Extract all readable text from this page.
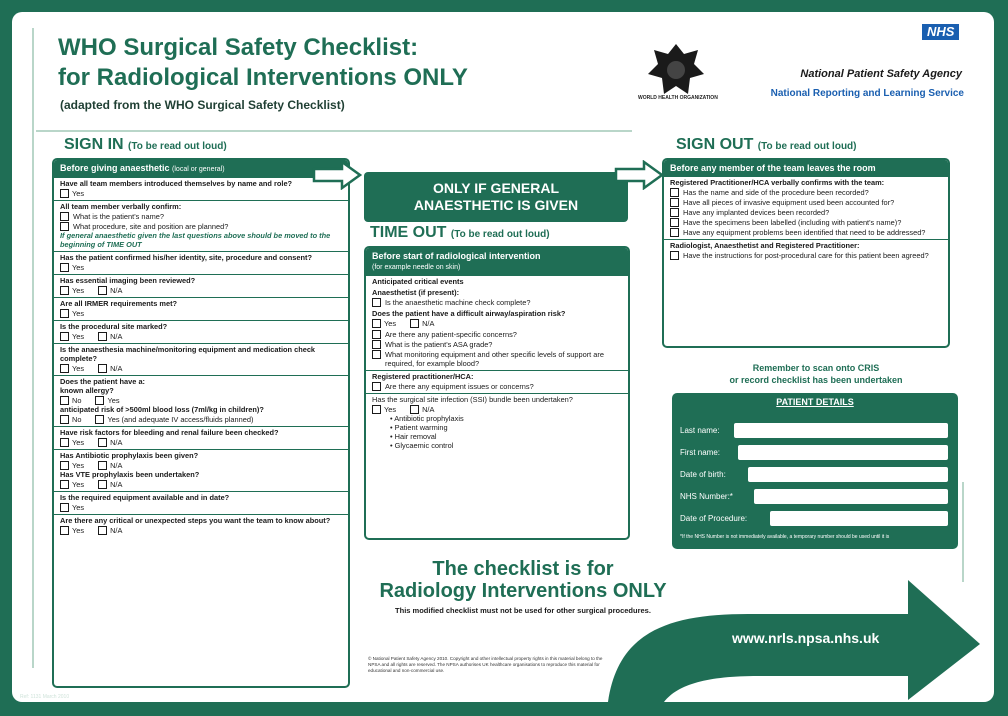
WHO Surgical Safety Checklist:
for Radiological Interventions ONLY
(adapted from the WHO Surgical Safety Checklist)	WORLD HEALTH ORGANIZATION
NHS
National Patient Safety Agency
National Reporting and Learning Service
SIGN IN (To be read out loud)
Before giving anaesthetic (local or general)
Have all team members introduced themselves by name and role?
Yes
All team member verbally confirm:
What is the patient's name?
What procedure, site and position are planned?
If general anaesthetic given the last questions above should be moved to the beginning of TIME OUT
Has the patient confirmed his/her identity, site, procedure and consent?
Yes
Has essential imaging been reviewed?
Yes	N/A
Are all IRMER requirements met?
Yes
Is the procedural site marked?
Yes	N/A
Is the anaesthesia machine/monitoring equipment and medication check complete?
Yes	N/A
Does the patient have a:
known allergy?
No	Yes
anticipated risk of >500ml blood loss (7ml/kg in children)?
No	Yes (and adequate IV access/fluids planned)
Have risk factors for bleeding and renal failure been checked?
Yes	N/A
Has Antibiotic prophylaxis been given?
Yes	N/A
Has VTE prophylaxis been undertaken?
Yes	N/A
Is the required equipment available and in date?
Yes
Are there any critical or unexpected steps you want the team to know about?
Yes	N/A
ONLY IF GENERAL
ANAESTHETIC IS GIVEN
TIME OUT (To be read out loud)
Before start of radiological intervention
(for example needle on skin)
Anticipated critical events
Anaesthetist (if present):
Is the anaesthetic machine check complete?
Does the patient have a difficult airway/aspiration risk?
Yes	N/A
Are there any patient-specific concerns?
What is the patient's ASA grade?
What monitoring equipment and other specific levels of support are required, for example blood?
Registered practitioner/HCA:
Are there any equipment issues or concerns?
Has the surgical site infection (SSI) bundle been undertaken?
Yes	N/A
• Antibiotic prophylaxis
• Patient warming
• Hair removal
• Glycaemic control
SIGN OUT (To be read out loud)
Before any member of the team leaves the room
Registered Practitioner/HCA verbally confirms with the team:
Has the name and side of the procedure been recorded?
Have all pieces of invasive equipment used been accounted for?
Have any implanted devices been recorded?
Have the specimens been labelled (including with patient's name)?
Have any equipment problems been identified that need to be addressed?
Radiologist, Anaesthetist and Registered Practitioner:
Have the instructions for post-procedural care for this patient been agreed?
Remember to scan onto CRIS
or record checklist has been undertaken
PATIENT DETAILS
Last name:
First name:
Date of birth:
NHS Number:*
Date of Procedure:
*If the NHS Number is not immediately available, a temporary number should be used until it is
The checklist is for
Radiology Interventions ONLY
This modified checklist must not be used for other surgical procedures.
© National Patient Safety Agency 2010. Copyright and other intellectual property rights in this material belong to the NPSA and all rights are reserved. The NPSA authorises UK healthcare organisations to reproduce this material for educational and non-commercial use.
www.nrls.npsa.nhs.uk
Ref: 1131 March 2010
